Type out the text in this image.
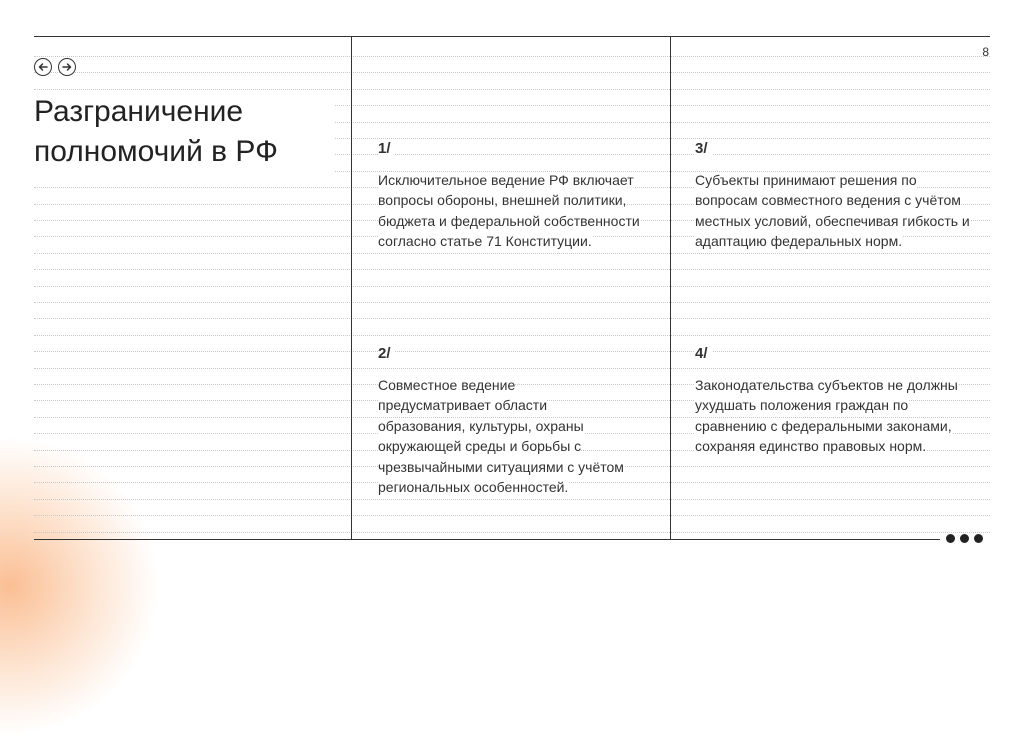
8
Разграничение полномочий в РФ	1/
Исключительное ведение РФ включает вопросы обороны, внешней политики, бюджета и федеральной собственности согласно статье 71 Конституции.
2/
Совместное ведение предусматривает области образования, культуры, охраны окружающей среды и борьбы с чрезвычайными ситуациями с учётом региональных особенностей.
3/
Субъекты принимают решения по вопросам совместного ведения с учётом местных условий, обеспечивая гибкость и адаптацию федеральных норм.
4/
Законодательства субъектов не должны ухудшать положения граждан по сравнению с федеральными законами, сохраняя единство правовых норм.
